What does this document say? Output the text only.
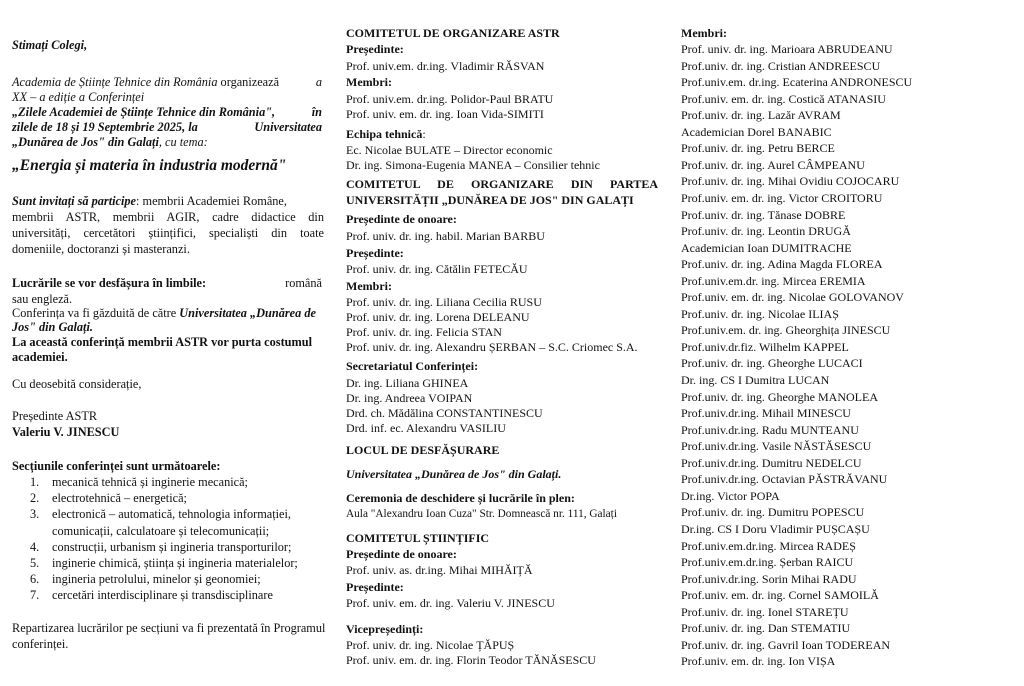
Stimați Colegi,
Academia de Științe Tehnice din România organizează	a
XX – a ediție a Conferinței
„Zilele Academiei de Științe Tehnice din România",	în
zilele de 18 și 19 Septembrie 2025, la	Universitatea
„Dunărea de Jos" din Galați, cu tema:
„Energia și materia în industria modernă"
Sunt invitați să participe: membrii Academiei Române,
membrii ASTR, membrii AGIR, cadre didactice din
universități, cercetători științifici, specialiști din toate
domeniile, doctoranzi și masteranzi.
Lucrările se vor desfășura în limbile:	română
sau engleză.
Conferința va fi găzduită de către Universitatea „Dunărea de
Jos" din Galați.
La această conferință membrii ASTR vor purta costumul
academiei.
Cu deosebită considerație,
Președinte ASTR
Valeriu V. JINESCU
Secțiunile conferinței sunt următoarele:
1. mecanică tehnică și inginerie mecanică;
2. electrotehnică – energetică;
3. electronică – automatică, tehnologia informației,
comunicații, calculatoare și telecomunicații;
4. construcții, urbanism și ingineria transporturilor;
5. inginerie chimică, știința și ingineria materialelor;
6. ingineria petrolului, minelor și geonomiei;
7. cercetări interdisciplinare și transdisciplinare
Repartizarea lucrărilor pe secțiuni va fi prezentată în Programul
conferinței.
COMITETUL DE ORGANIZARE ASTR
Președinte:
Prof. univ.em. dr.ing. Vladimir RĂSVAN
Membri:
Prof. univ.em. dr.ing. Polidor-Paul BRATU
Prof. univ. em. dr. ing. Ioan Vida-SIMITI
Echipa tehnică:
Ec. Nicolae BULATE – Director economic
Dr. ing. Simona-Eugenia MANEA – Consilier tehnic
COMITETUL DE ORGANIZARE DIN PARTEA
UNIVERSITĂȚII „DUNĂREA DE JOS" DIN GALAȚI
Președinte de onoare:
Prof. univ. dr. ing. habil. Marian BARBU
Președinte:
Prof. univ. dr. ing. Cătălin FETECĂU
Membri:
Prof. univ. dr. ing. Liliana Cecilia RUSU
Prof. univ. dr. ing. Lorena DELEANU
Prof. univ. dr. ing. Felicia STAN
Prof. univ. dr. ing. Alexandru ȘERBAN – S.C. Criomec S.A.
Secretariatul Conferinței:
Dr. ing. Liliana GHINEA
Dr. ing. Andreea VOIPAN
Drd. ch. Mădălina CONSTANTINESCU
Drd. inf. ec. Alexandru VASILIU
LOCUL DE DESFĂȘURARE
Universitatea „Dunărea de Jos" din Galați.
Ceremonia de deschidere și lucrările în plen:
Aula "Alexandru Ioan Cuza" Str. Domnească nr. 111, Galați
COMITETUL ȘTIINȚIFIC
Președinte de onoare:
Prof. univ. as. dr.ing. Mihai MIHĂIȚĂ
Președinte:
Prof. univ. em. dr. ing. Valeriu V. JINESCU
Vicepreședinți:
Prof. univ. dr. ing. Nicolae ȚĂPUȘ
Prof. univ. em. dr. ing. Florin Teodor TĂNĂSESCU
Membri:
Prof. univ. dr. ing. Marioara ABRUDEANU
Prof.univ. dr. ing. Cristian ANDREESCU
Prof.univ.em. dr.ing. Ecaterina ANDRONESCU
Prof.univ. em. dr. ing. Costică ATANASIU
Prof.univ. dr. ing. Lazăr AVRAM
Academician Dorel BANABIC
Prof.univ. dr. ing. Petru BERCE
Prof.univ. dr. ing. Aurel CÂMPEANU
Prof.univ. dr. ing. Mihai Ovidiu COJOCARU
Prof.univ. em. dr. ing. Victor CROITORU
Prof.univ. dr. ing. Tănase DOBRE
Prof.univ. dr. ing. Leontin DRUGĂ
Academician Ioan DUMITRACHE
Prof.univ. dr. ing. Adina Magda FLOREA
Prof.univ.em.dr. ing. Mircea EREMIA
Prof.univ. em. dr. ing. Nicolae GOLOVANOV
Prof.univ. dr. ing. Nicolae ILIAȘ
Prof.univ.em. dr. ing. Gheorghița JINESCU
Prof.univ.dr.fiz. Wilhelm KAPPEL
Prof.univ. dr. ing. Gheorghe LUCACI
Dr. ing. CS I Dumitra LUCAN
Prof.univ. dr. ing. Gheorghe MANOLEA
Prof.univ.dr.ing. Mihail MINESCU
Prof.univ.dr.ing. Radu MUNTEANU
Prof.univ.dr.ing. Vasile NĂSTĂSESCU
Prof.univ.dr.ing. Dumitru NEDELCU
Prof.univ.dr.ing. Octavian PĂSTRĂVANU
Dr.ing. Victor POPA
Prof.univ. dr. ing. Dumitru POPESCU
Dr.ing. CS I Doru Vladimir PUȘCAȘU
Prof.univ.em.dr.ing. Mircea RADEȘ
Prof.univ.em.dr.ing. Șerban RAICU
Prof.univ.dr.ing. Sorin Mihai RADU
Prof.univ. em. dr. ing. Cornel SAMOILĂ
Prof.univ. dr. ing. Ionel STAREȚU
Prof.univ. dr. ing. Dan STEMATIU
Prof.univ. dr. ing. Gavril Ioan TODEREAN
Prof.univ. em. dr. ing. Ion VIȘA
